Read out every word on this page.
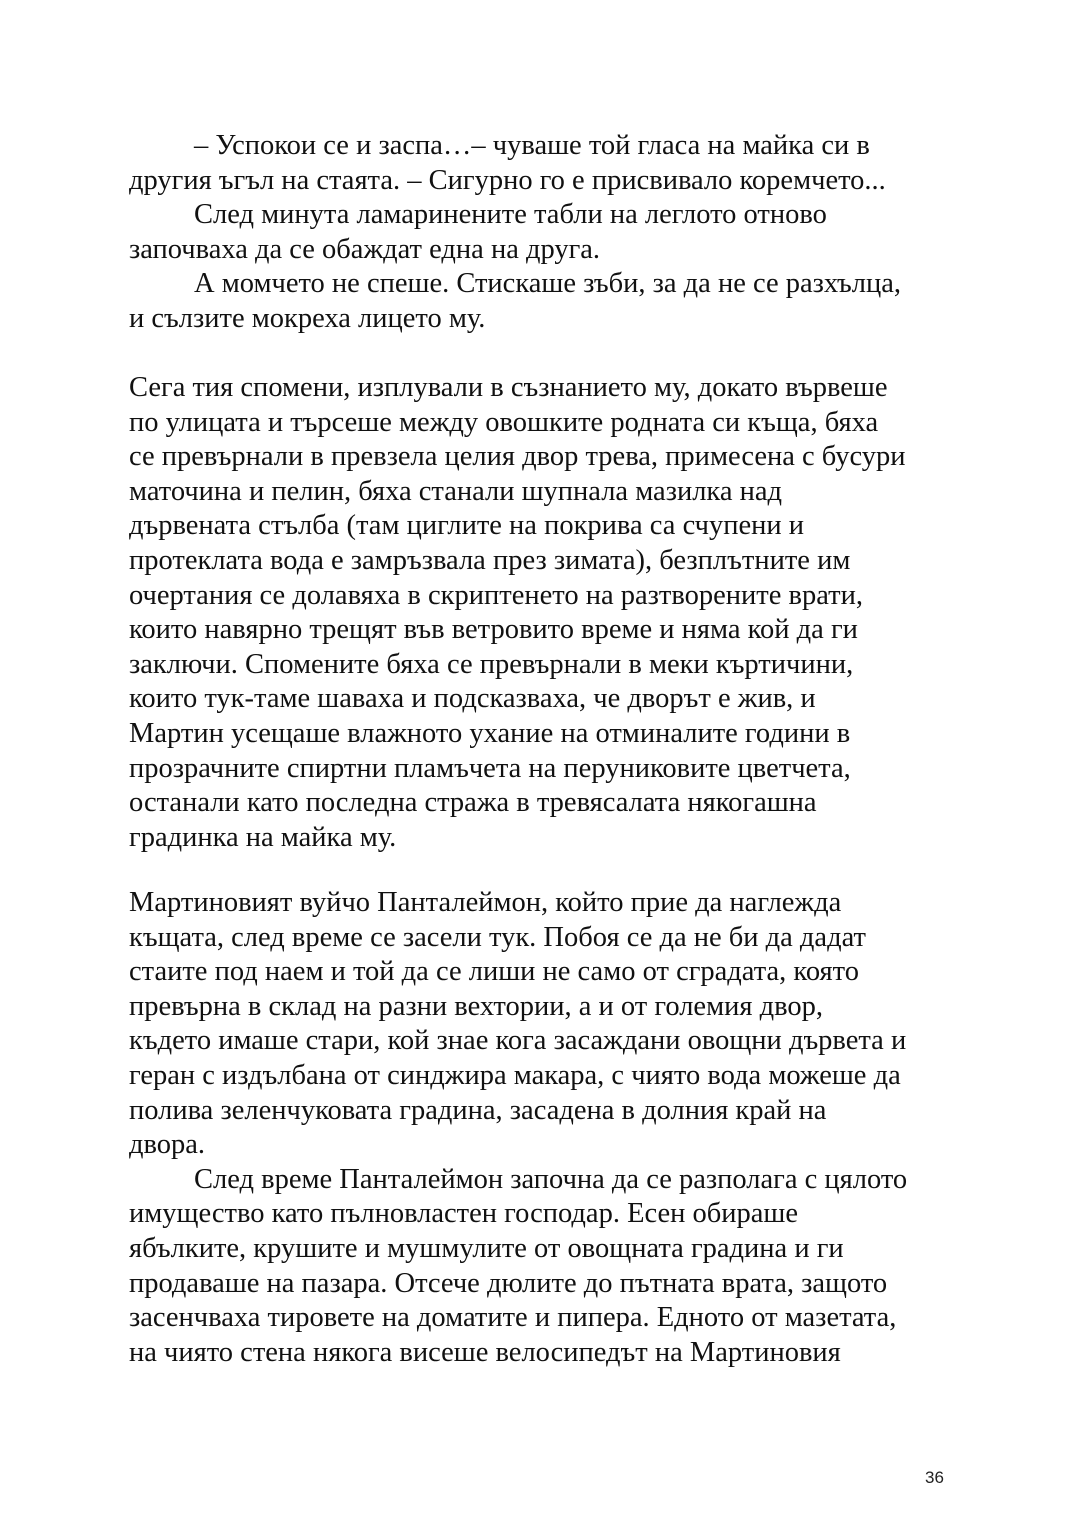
– Успокои се и заспа…– чуваше той гласа на майка си в
другия ъгъл на стаята. – Сигурно го е присвивало коремчето...
След минута ламаринените табли на леглото отново
започваха да се обаждат една на друга.
А момчето не спеше. Стискаше зъби, за да не се разхълца,
и сълзите мокреха лицето му.
Сега тия спомени, изплували в съзнанието му, докато вървеше
по улицата и търсеше между овошките родната си къща, бяха
се превърнали в превзела целия двор трева, примесена с бусури
маточина и пелин, бяха станали шупнала мазилка над
дървената стълба (там циглите на покрива са счупени и
протеклата вода е замръзвала през зимата), безплътните им
очертания се долавяха в скриптенето на разтворените врати,
които навярно трещят във ветровито време и няма кой да ги
заключи. Спомените бяха се превърнали в меки къртичини,
които тук-таме шаваха и подсказваха, че дворът е жив, и
Мартин усещаше влажното ухание на отминалите години в
прозрачните спиртни пламъчета на перуниковите цветчета,
останали като последна стража в тревясалата някогашна
градинка на майка му.
Мартиновият вуйчо Панталеймон, който прие да наглежда
къщата, след време се засели тук. Побоя се да не би да дадат
стаите под наем и той да се лиши не само от сградата, която
превърна в склад на разни вехтории, а и от големия двор,
където имаше стари, кой знае кога засаждани овощни дървета и
геран с издълбана от синджира макара, с чиято вода можеше да
полива зеленчуковата градина, засадена в долния край на
двора.
След време Панталеймон започна да се разполага с цялото
имущество като пълновластен господар. Есен обираше
ябълките, крушите и мушмулите от овощната градина и ги
продаваше на пазара. Отсече дюлите до пътната врата, защото
засенчваха тировете на доматите и пипера. Едното от мазетата,
на чиято стена някога висеше велосипедът на Мартиновия
36
